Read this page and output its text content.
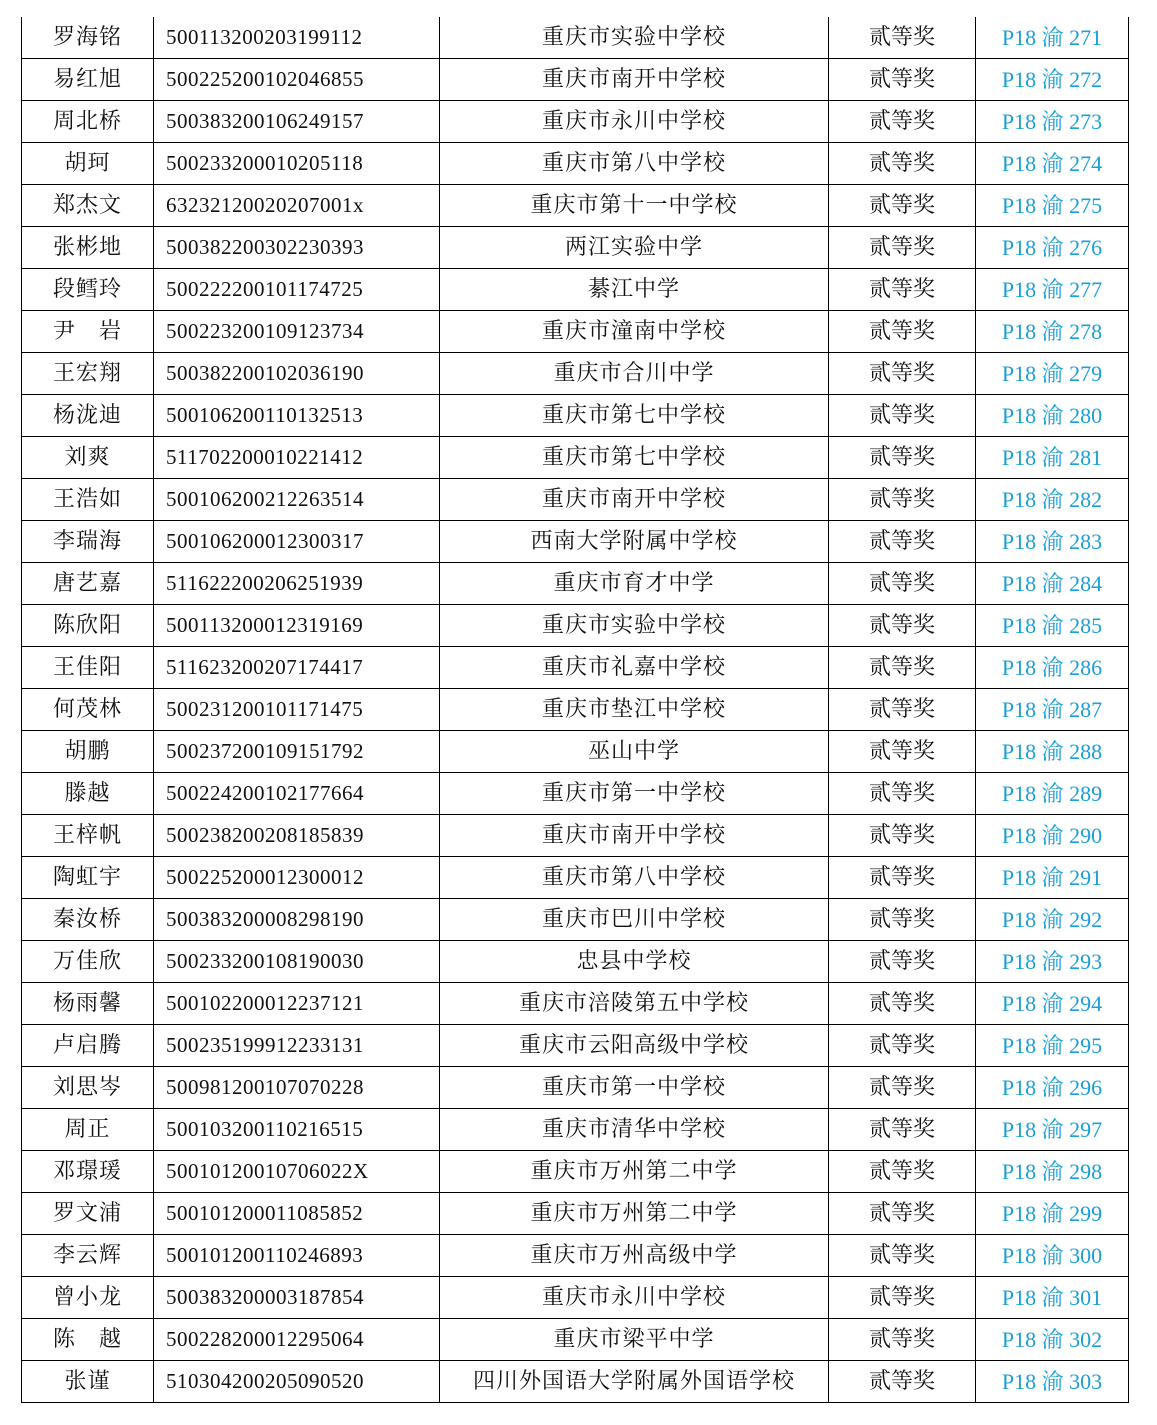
罗海铭	500113200203199112	重庆市实验中学校	贰等奖	P18 渝 271
易红旭	500225200102046855	重庆市南开中学校	贰等奖	P18 渝 272
周北桥	500383200106249157	重庆市永川中学校	贰等奖	P18 渝 273
胡珂	500233200010205118	重庆市第八中学校	贰等奖	P18 渝 274
郑杰文	63232120020207001x	重庆市第十一中学校	贰等奖	P18 渝 275
张彬地	500382200302230393	两江实验中学	贰等奖	P18 渝 276
段鳕玲	500222200101174725	綦江中学	贰等奖	P18 渝 277
尹　岩	500223200109123734	重庆市潼南中学校	贰等奖	P18 渝 278
王宏翔	500382200102036190	重庆市合川中学	贰等奖	P18 渝 279
杨泷迪	500106200110132513	重庆市第七中学校	贰等奖	P18 渝 280
刘爽	511702200010221412	重庆市第七中学校	贰等奖	P18 渝 281
王浩如	500106200212263514	重庆市南开中学校	贰等奖	P18 渝 282
李瑞海	500106200012300317	西南大学附属中学校	贰等奖	P18 渝 283
唐艺嘉	511622200206251939	重庆市育才中学	贰等奖	P18 渝 284
陈欣阳	500113200012319169	重庆市实验中学校	贰等奖	P18 渝 285
王佳阳	511623200207174417	重庆市礼嘉中学校	贰等奖	P18 渝 286
何茂林	500231200101171475	重庆市垫江中学校	贰等奖	P18 渝 287
胡鹏	500237200109151792	巫山中学	贰等奖	P18 渝 288
滕越	500224200102177664	重庆市第一中学校	贰等奖	P18 渝 289
王梓帆	500238200208185839	重庆市南开中学校	贰等奖	P18 渝 290
陶虹宇	500225200012300012	重庆市第八中学校	贰等奖	P18 渝 291
秦汝桥	500383200008298190	重庆市巴川中学校	贰等奖	P18 渝 292
万佳欣	500233200108190030	忠县中学校	贰等奖	P18 渝 293
杨雨馨	500102200012237121	重庆市涪陵第五中学校	贰等奖	P18 渝 294
卢启腾	500235199912233131	重庆市云阳高级中学校	贰等奖	P18 渝 295
刘思岑	500981200107070228	重庆市第一中学校	贰等奖	P18 渝 296
周正	500103200110216515	重庆市清华中学校	贰等奖	P18 渝 297
邓璟瑗	50010120010706022X	重庆市万州第二中学	贰等奖	P18 渝 298
罗文浦	500101200011085852	重庆市万州第二中学	贰等奖	P18 渝 299
李云辉	500101200110246893	重庆市万州高级中学	贰等奖	P18 渝 300
曾小龙	500383200003187854	重庆市永川中学校	贰等奖	P18 渝 301
陈　越	500228200012295064	重庆市梁平中学	贰等奖	P18 渝 302
张谨	510304200205090520	四川外国语大学附属外国语学校	贰等奖	P18 渝 303
